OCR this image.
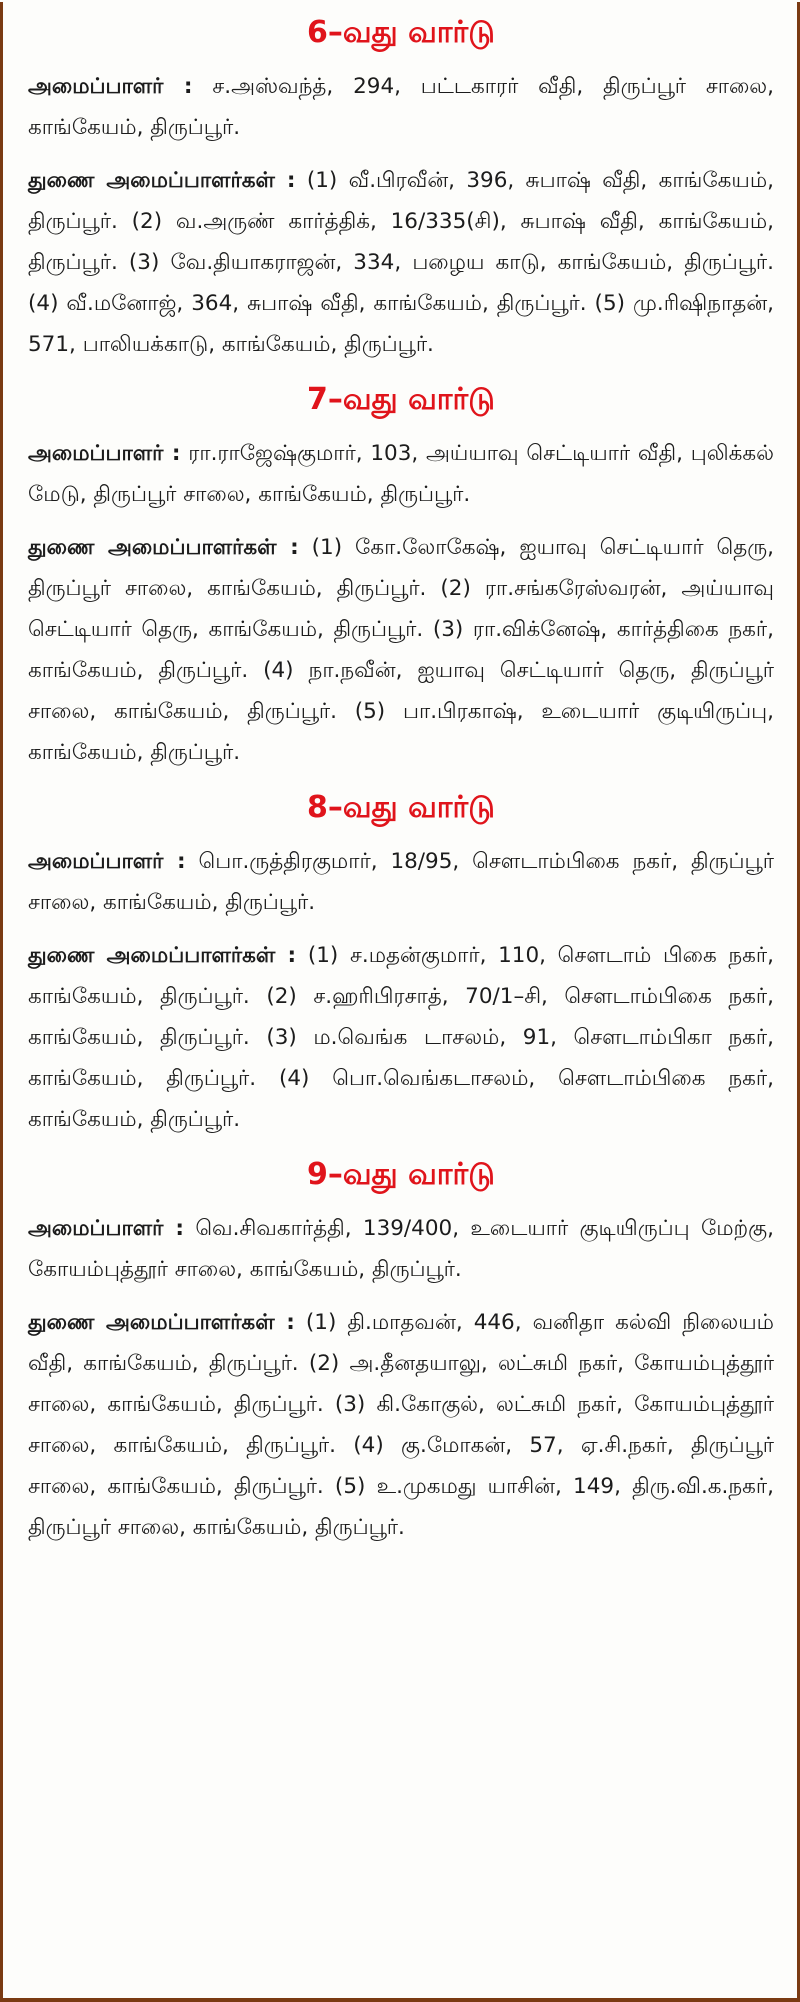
6–வது வார்டு

அமைப்பாளர் : ச.அஸ்வந்த், 294, பட்டகாரர் வீதி, திருப்பூர் சாலை, காங்கேயம், திருப்பூர்.

துணை அமைப்பாளர்கள் : (1) வீ.பிரவீன், 396, சுபாஷ் வீதி, காங்கேயம், திருப்பூர். (2) வ.அருண் கார்த்திக், 16/335(சி), சுபாஷ் வீதி, காங்கேயம், திருப்பூர். (3) வே.தியாகராஜன், 334, பழைய காடு, காங்கேயம், திருப்பூர். (4) வீ.மனோஜ், 364, சுபாஷ் வீதி, காங்கேயம், திருப்பூர். (5) மு.ரிஷிநாதன், 571, பாலியக்காடு, காங்கேயம், திருப்பூர்.

7–வது வார்டு

அமைப்பாளர் : ரா.ராஜேஷ்குமார், 103, அய்யாவு செட்டியார் வீதி, புலிக்கல் மேடு, திருப்பூர் சாலை, காங்கேயம், திருப்பூர்.

துணை அமைப்பாளர்கள் : (1) கோ.லோகேஷ், ஐயாவு செட்டியார் தெரு, திருப்பூர் சாலை, காங்கேயம், திருப்பூர். (2) ரா.சங்கரேஸ்வரன், அய்யாவு செட்டியார் தெரு, காங்கேயம், திருப்பூர். (3) ரா.விக்னேஷ், கார்த்திகை நகர், காங்கேயம், திருப்பூர். (4) நா.நவீன், ஐயாவு செட்டியார் தெரு, திருப்பூர் சாலை, காங்கேயம், திருப்பூர். (5) பா.பிரகாஷ், உடையார் குடியிருப்பு, காங்கேயம், திருப்பூர்.

8–வது வார்டு

அமைப்பாளர் : பொ.ருத்திரகுமார், 18/95, சௌடாம்பிகை நகர், திருப்பூர் சாலை, காங்கேயம், திருப்பூர்.

துணை அமைப்பாளர்கள் : (1) ச.மதன்குமார், 110, சௌடாம் பிகை நகர், காங்கேயம், திருப்பூர். (2) ச.ஹரிபிரசாத், 70/1–சி, சௌடாம்பிகை நகர், காங்கேயம், திருப்பூர். (3) ம.வெங்க டாசலம், 91, சௌடாம்பிகா நகர், காங்கேயம், திருப்பூர். (4) பொ.வெங்கடாசலம், சௌடாம்பிகை நகர், காங்கேயம், திருப்பூர்.

9–வது வார்டு

அமைப்பாளர் : வெ.சிவகார்த்தி, 139/400, உடையார் குடியிருப்பு மேற்கு, கோயம்புத்தூர் சாலை, காங்கேயம், திருப்பூர்.

துணை அமைப்பாளர்கள் : (1) தி.மாதவன், 446, வனிதா கல்வி நிலையம் வீதி, காங்கேயம், திருப்பூர். (2) அ.தீனதயாலு, லட்சுமி நகர், கோயம்புத்தூர் சாலை, காங்கேயம், திருப்பூர். (3) கி.கோகுல், லட்சுமி நகர், கோயம்புத்தூர் சாலை, காங்கேயம், திருப்பூர். (4) கு.மோகன், 57, ஏ.சி.நகர், திருப்பூர் சாலை, காங்கேயம், திருப்பூர். (5) உ.முகமது யாசின், 149, திரு.வி.க.நகர், திருப்பூர் சாலை, காங்கேயம், திருப்பூர்.
